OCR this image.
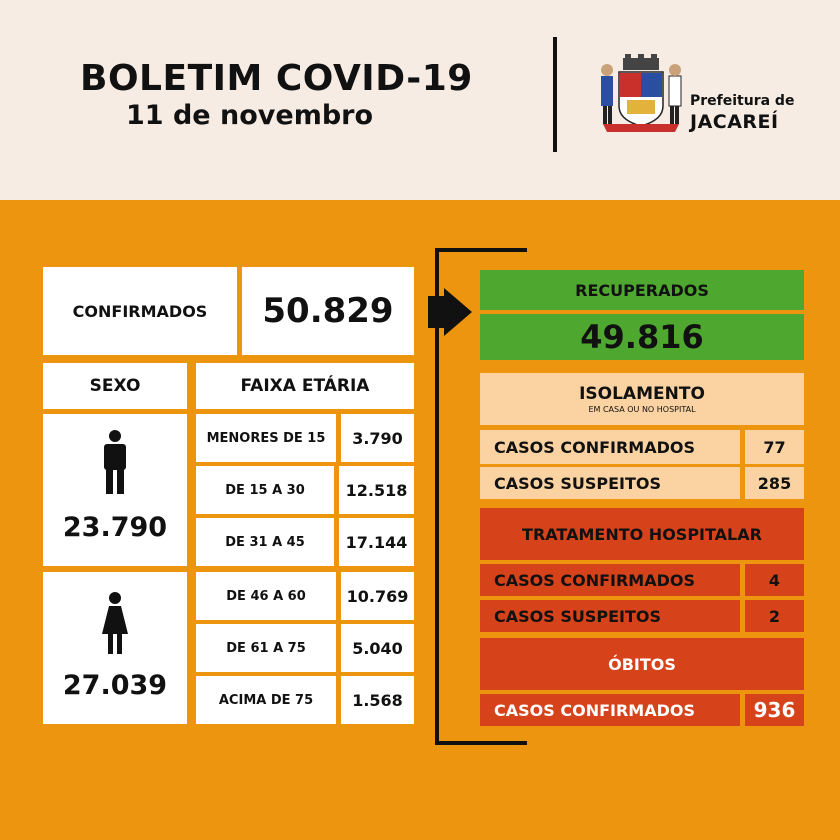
BOLETIM COVID-19
11 de novembro	Prefeitura de
JACAREÍ
CONFIRMADOS 50.829
SEXO	FAIXA ETÁRIA
23.790
27.039
MENORES DE 15 3.790
DE 15 A 30	12.518
DE 31 A 45	17.144
DE 46 A 60	10.769
DE 61 A 75	5.040
ACIMA DE 75 1.568
RECUPERADOS
49.816
ISOLAMENTO
EM CASA OU NO HOSPITAL
CASOS CONFIRMADOS	77
CASOS SUSPEITOS	285
TRATAMENTO HOSPITALAR
CASOS CONFIRMADOS	4
CASOS SUSPEITOS	2
ÓBITOS
CASOS CONFIRMADOS	936
